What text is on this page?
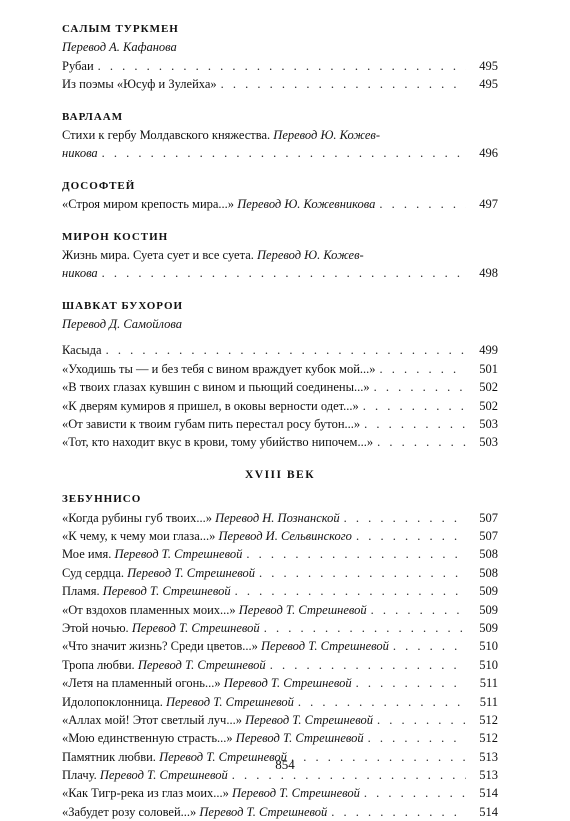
САЛЫМ ТУРКМЕН
Перевод А. Кафанова
Рубаи . . .	495
Из поэмы «Юсуф и Зулейха» . . .	495
ВАРЛААМ
Стихи к гербу Молдавского княжества. Перевод Ю. Кожев-
никова . . .	496
ДОСОФТЕЙ
«Строя миром крепость мира...» Перевод Ю. Кожевникова . . .	497
МИРОН КОСТИН
Жизнь мира. Суета сует и все суета. Перевод Ю. Кожев-
никова . . .	498
ШАВКАТ БУХОРОИ
Перевод Д. Самойлова
Касыда . . .	499
«Уходишь ты — и без тебя с вином враждует кубок мой...» . . .	501
«В твоих глазах кувшин с вином и пьющий соединены...» . . .	502
«К дверям кумиров я пришел, в оковы верности одет...» . . .	502
«От зависти к твоим губам пить перестал росу бутон...» . . .	503
«Тот, кто находит вкус в крови, тому убийство нипочем...» . . .	503
XVIII ВЕК
ЗЕБУННИСО
«Когда рубины губ твоих...» Перевод Н. Познанской . . .	507
«К чему, к чему мои глаза...» Перевод И. Сельвинского . . .	507
Мое имя. Перевод Т. Стрешневой . . .	508
Суд сердца. Перевод Т. Стрешневой . . .	508
Пламя. Перевод Т. Стрешневой . . .	509
«От вздохов пламенных моих...» Перевод Т. Стрешневой . . .	509
Этой ночью. Перевод Т. Стрешневой . . .	509
«Что значит жизнь? Среди цветов...» Перевод Т. Стрешневой . . .	510
Тропа любви. Перевод Т. Стрешневой . . .	510
«Летя на пламенный огонь...» Перевод Т. Стрешневой . . .	511
Идолопоклонница. Перевод Т. Стрешневой . . .	511
«Аллах мой! Этот светлый луч...» Перевод Т. Стрешневой . . .	512
«Мою единственную страсть...» Перевод Т. Стрешневой . . .	512
Памятник любви. Перевод Т. Стрешневой . . .	513
Плачу. Перевод Т. Стрешневой . . .	513
«Как Тигр-река из глаз моих...» Перевод Т. Стрешневой . . .	514
«Забудет розу соловей...» Перевод Т. Стрешневой . . .	514
854
